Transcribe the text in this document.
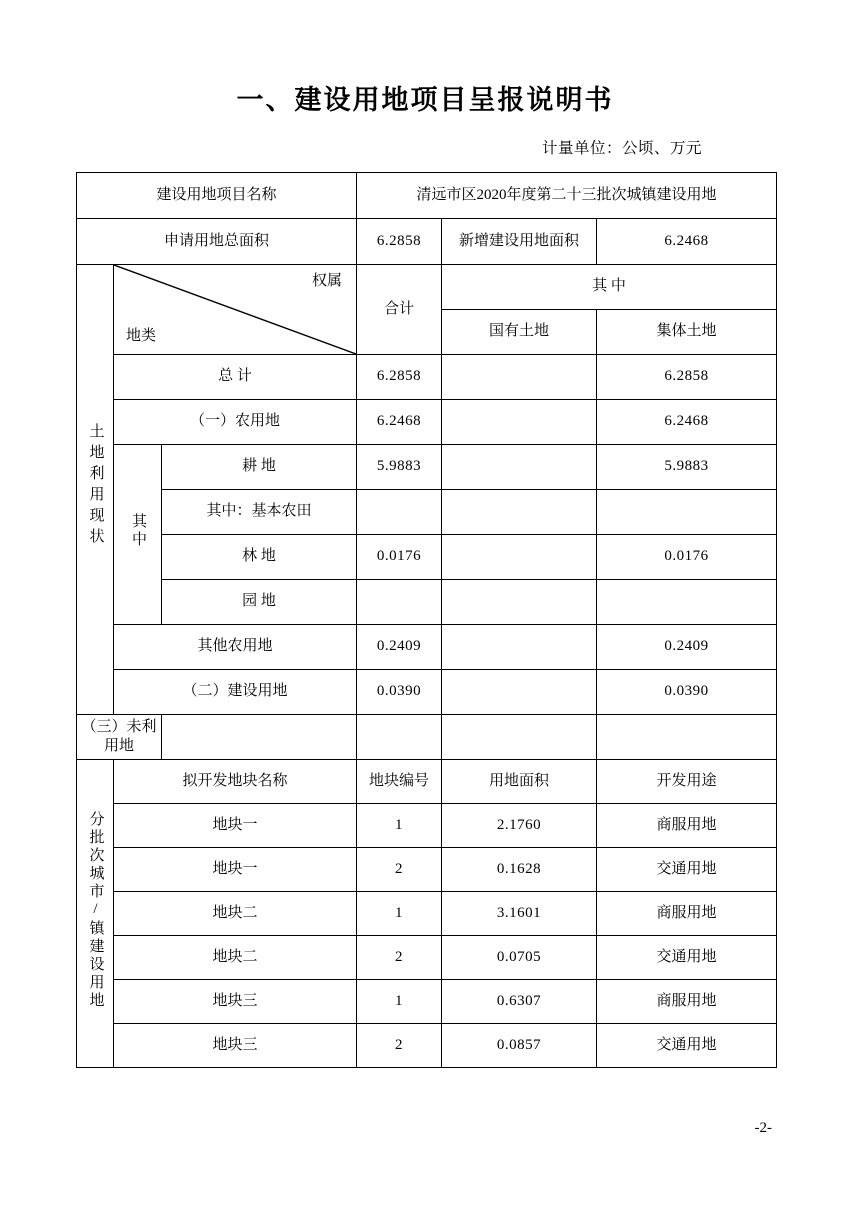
一、建设用地项目呈报说明书
计量单位：公顷、万元
建设用地项目名称			清远市区2020年度第二十三批次城镇建设用地		
申请用地总面积			6.2858	新增建设用地面积	6.2468
土地利用现状	权属
地类		合计	其 中	
				国有土地	集体土地
	总 计		6.2858		6.2858
	（一）农用地		6.2468		6.2468
	其中	耕 地	5.9883		5.9883
		其中：基本农田			
		林 地	0.0176		0.0176
		园 地			
	其他农用地		0.2409		0.2409
	（二）建设用地		0.0390		0.0390
（三）未利用地					
分批次城市/镇建设用地	拟开发地块名称		地块编号	用地面积	开发用途
	地块一		1	2.1760	商服用地
	地块一		2	0.1628	交通用地
	地块二		1	3.1601	商服用地
	地块二		2	0.0705	交通用地
	地块三		1	0.6307	商服用地
	地块三		2	0.0857	交通用地
-2-
